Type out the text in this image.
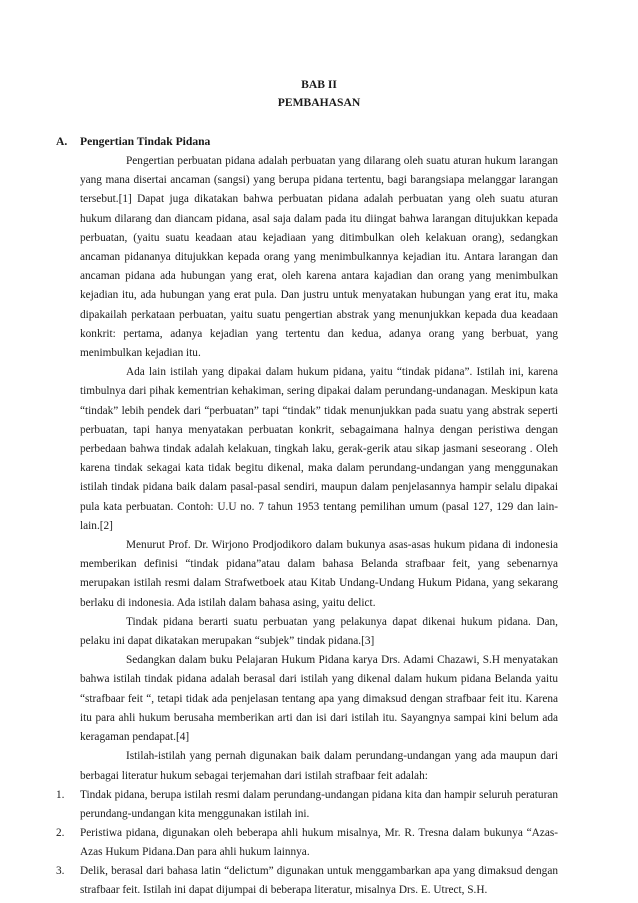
BAB II
PEMBAHASAN
A. Pengertian Tindak Pidana

Pengertian perbuatan pidana adalah perbuatan yang dilarang oleh suatu aturan hukum larangan yang mana disertai ancaman (sangsi) yang berupa pidana tertentu, bagi barangsiapa melanggar larangan tersebut.[1] Dapat juga dikatakan bahwa perbuatan pidana adalah perbuatan yang oleh suatu aturan hukum dilarang dan diancam pidana, asal saja dalam pada itu diingat bahwa larangan ditujukkan kepada perbuatan, (yaitu suatu keadaan atau kejadiaan yang ditimbulkan oleh kelakuan orang), sedangkan ancaman pidananya ditujukkan kepada orang yang menimbulkannya kejadian itu. Antara larangan dan ancaman pidana ada hubungan yang erat, oleh karena antara kajadian dan orang yang menimbulkan kejadian itu, ada hubungan yang erat pula. Dan justru untuk menyatakan hubungan yang erat itu, maka dipakailah perkataan perbuatan, yaitu suatu pengertian abstrak yang menunjukkan kepada dua keadaan konkrit: pertama, adanya kejadian yang tertentu dan kedua, adanya orang yang berbuat, yang menimbulkan kejadian itu.

Ada lain istilah yang dipakai dalam hukum pidana, yaitu “tindak pidana”. Istilah ini, karena timbulnya dari pihak kementrian kehakiman, sering dipakai dalam perundang-undanagan. Meskipun kata “tindak” lebih pendek dari “perbuatan” tapi “tindak” tidak menunjukkan pada suatu yang abstrak seperti perbuatan, tapi hanya menyatakan perbuatan konkrit, sebagaimana halnya dengan peristiwa dengan perbedaan bahwa tindak adalah kelakuan, tingkah laku, gerak-gerik atau sikap jasmani seseorang . Oleh karena tindak sekagai kata tidak begitu dikenal, maka dalam perundang-undangan yang menggunakan istilah tindak pidana baik dalam pasal-pasal sendiri, maupun dalam penjelasannya hampir selalu dipakai pula kata perbuatan. Contoh: U.U no. 7 tahun 1953 tentang pemilihan umum (pasal 127, 129 dan lain-lain.[2]

Menurut Prof. Dr. Wirjono Prodjodikoro dalam bukunya asas-asas hukum pidana di indonesia memberikan definisi “tindak pidana”atau dalam bahasa Belanda strafbaar feit, yang sebenarnya merupakan istilah resmi dalam Strafwetboek atau Kitab Undang-Undang Hukum Pidana, yang sekarang berlaku di indonesia. Ada istilah dalam bahasa asing, yaitu delict.

Tindak pidana berarti suatu perbuatan yang pelakunya dapat dikenai hukum pidana. Dan, pelaku ini dapat dikatakan merupakan “subjek” tindak pidana.[3]

Sedangkan dalam buku Pelajaran Hukum Pidana karya Drs. Adami Chazawi, S.H menyatakan bahwa istilah tindak pidana adalah berasal dari istilah yang dikenal dalam hukum pidana Belanda yaitu “strafbaar feit “, tetapi tidak ada penjelasan tentang apa yang dimaksud dengan strafbaar feit itu. Karena itu para ahli hukum berusaha memberikan arti dan isi dari istilah itu. Sayangnya sampai kini belum ada keragaman pendapat.[4]

Istilah-istilah yang pernah digunakan baik dalam perundang-undangan yang ada maupun dari berbagai literatur hukum sebagai terjemahan dari istilah strafbaar feit adalah:

1.	Tindak pidana, berupa istilah resmi dalam perundang-undangan pidana kita dan hampir seluruh peraturan perundang-undangan kita menggunakan istilah ini.
2.	Peristiwa pidana, digunakan oleh beberapa ahli hukum misalnya, Mr. R. Tresna dalam bukunya “Azas-Azas Hukum Pidana.Dan para ahli hukum lainnya.
3.	Delik, berasal dari bahasa latin “delictum” digunakan untuk menggambarkan apa yang dimaksud dengan strafbaar feit. Istilah ini dapat dijumpai di beberapa literatur, misalnya Drs. E. Utrect, S.H.
